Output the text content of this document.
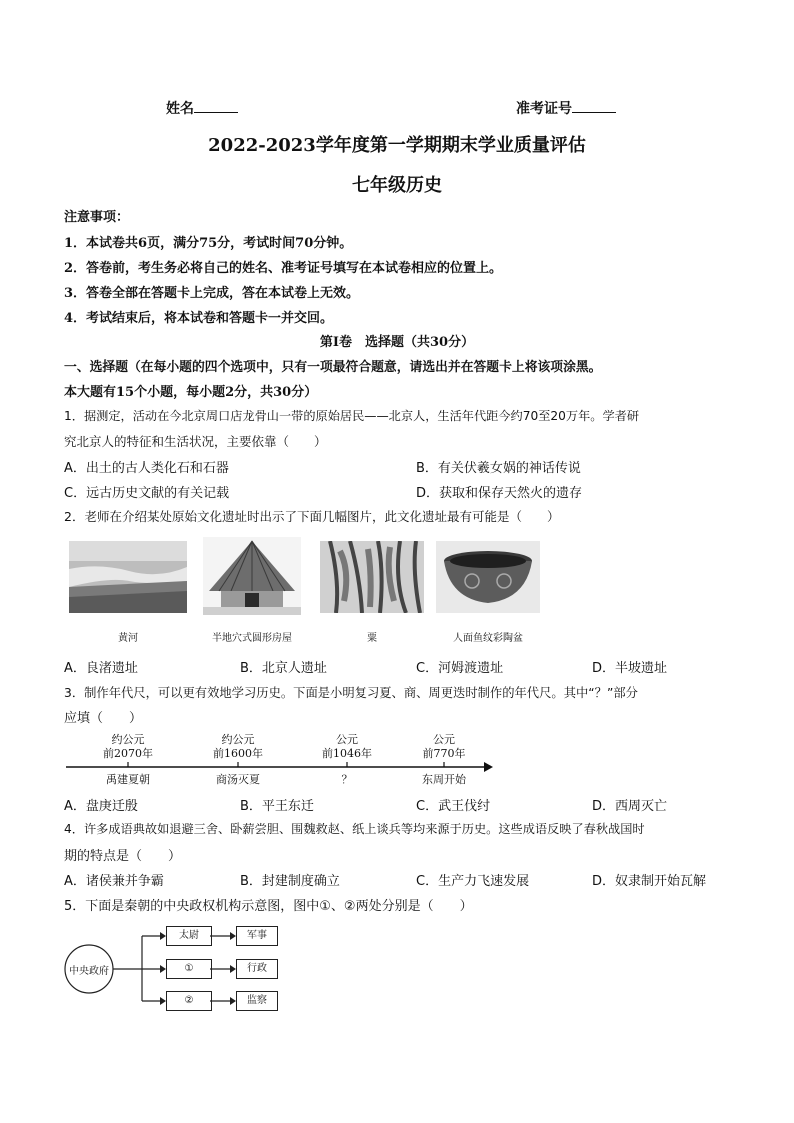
姓名	准考证号
2022-2023学年度第一学期期末学业质量评估
七年级历史
注意事项：
1．本试卷共6页，满分75分，考试时间70分钟。
2．答卷前，考生务必将自己的姓名、准考证号填写在本试卷相应的位置上。
3．答卷全部在答题卡上完成，答在本试卷上无效。
4．考试结束后，将本试卷和答题卡一并交回。
第Ⅰ卷　选择题（共30分）
一、选择题（在每小题的四个选项中，只有一项最符合题意，请选出并在答题卡上将该项涂黑。
本大题有15个小题，每小题2分，共30分）
1．据测定，活动在今北京周口店龙骨山一带的原始居民——北京人，生活年代距今约70至20万年。学者研
究北京人的特征和生活状况，主要依靠（　　）
A．出土的古人类化石和石器	B．有关伏羲女娲的神话传说
C．远古历史文献的有关记载	D．获取和保存天然火的遗存
2．老师在介绍某处原始文化遗址时出示了下面几幅图片，此文化遗址最有可能是（　　）
黄河	半地穴式圆形房屋	粟	人面鱼纹彩陶盆
A．良渚遗址	B．北京人遗址	C．河姆渡遗址	D．半坡遗址
3．制作年代尺，可以更有效地学习历史。下面是小明复习夏、商、周更迭时制作的年代尺。其中“？”部分
应填（　　）
约公元
前2070年
禹建夏朝
约公元
前1600年
商汤灭夏
公元
前1046年
？
公元
前770年
东周开始
A．盘庚迁殷	B．平王东迁	C．武王伐纣	D．西周灭亡
4．许多成语典故如退避三舍、卧薪尝胆、围魏救赵、纸上谈兵等均来源于历史。这些成语反映了春秋战国时
期的特点是（　　）
A．诸侯兼并争霸	B．封建制度确立	C．生产力飞速发展	D．奴隶制开始瓦解
5．下面是秦朝的中央政权机构示意图，图中①、②两处分别是（　　）
中央政府
太尉
①
②
军事
行政
监察
